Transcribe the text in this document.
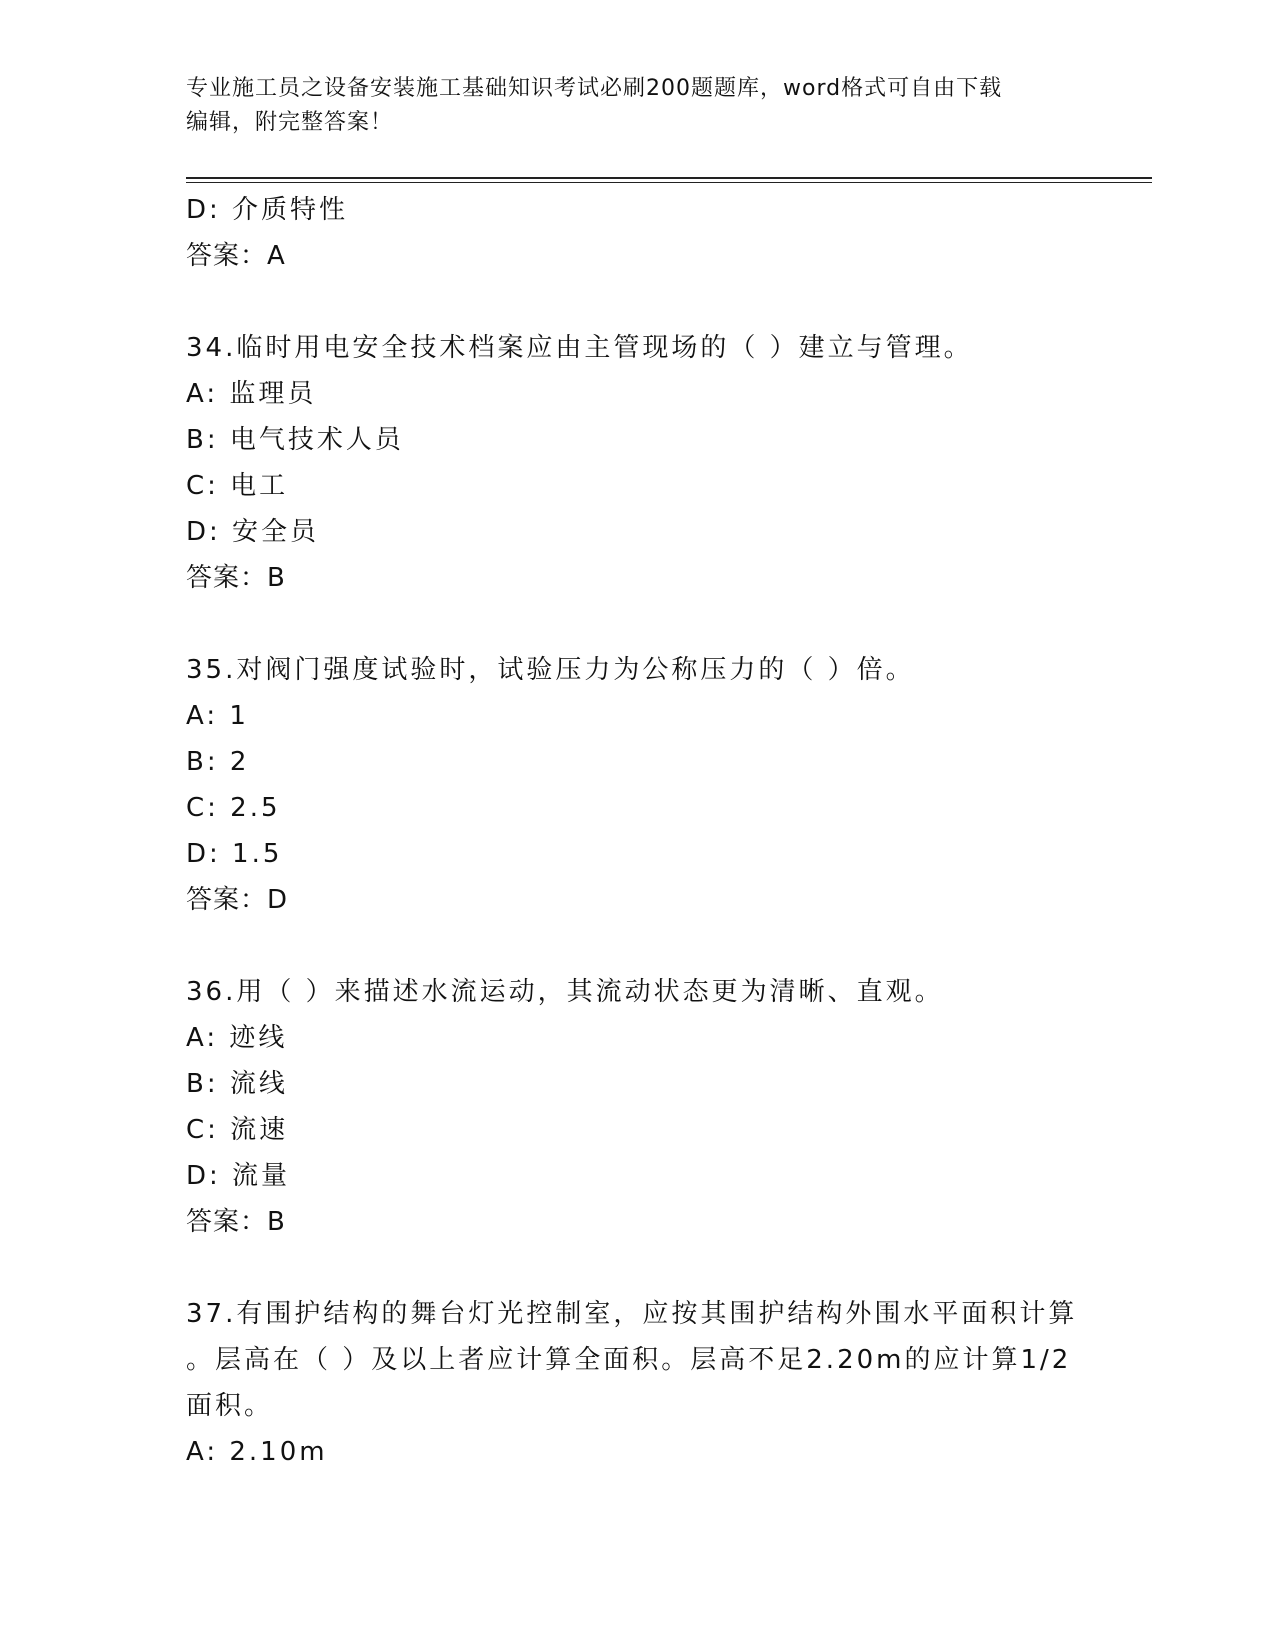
专业施工员之设备安装施工基础知识考试必刷200题题库，word格式可自由下载
编辑，附完整答案！
D: 介质特性
答案：A
34.临时用电安全技术档案应由主管现场的（ ）建立与管理。
A: 监理员
B: 电气技术人员
C: 电工
D: 安全员
答案：B
35.对阀门强度试验时，试验压力为公称压力的（ ）倍。
A: 1
B: 2
C: 2.5
D: 1.5
答案：D
36.用（ ）来描述水流运动，其流动状态更为清晰、直观。
A: 迹线
B: 流线
C: 流速
D: 流量
答案：B
37.有围护结构的舞台灯光控制室，应按其围护结构外围水平面积计算
。层高在（ ）及以上者应计算全面积。层高不足2.20m的应计算1/2
面积。
A: 2.10m
